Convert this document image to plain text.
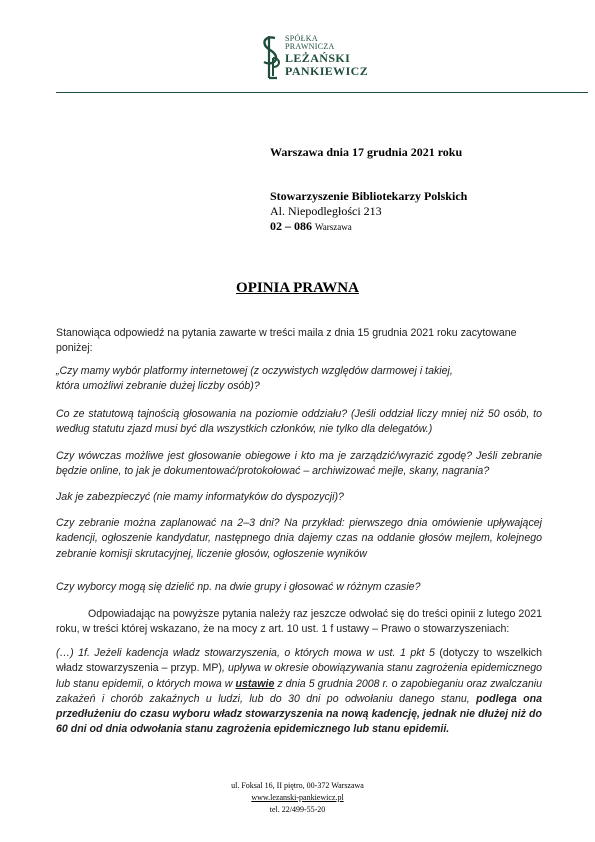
SPÓŁKA
PRAWNICZA
LEŻAŃSKI
PANKIEWICZ
Warszawa dnia 17 grudnia 2021 roku
Stowarzyszenie Bibliotekarzy Polskich
Al. Niepodległości 213
02 – 086 Warszawa
OPINIA PRAWNA

Stanowiąca odpowiedź na pytania zawarte w treści maila z dnia 15 grudnia 2021 roku zacytowane poniżej:

„Czy mamy wybór platformy internetowej (z oczywistych względów darmowej i takiej, która umożliwi zebranie dużej liczby osób)?

Co ze statutową tajnością głosowania na poziomie oddziału? (Jeśli oddział liczy mniej niż 50 osób, to według statutu zjazd musi być dla wszystkich członków, nie tylko dla delegatów.)

Czy wówczas możliwe jest głosowanie obiegowe i kto ma je zarządzić/wyrazić zgodę? Jeśli zebranie będzie online, to jak je dokumentować/protokołować – archiwizować mejle, skany, nagrania?

Jak je zabezpieczyć (nie mamy informatyków do dyspozycji)?

Czy zebranie można zaplanować na 2–3 dni? Na przykład: pierwszego dnia omówienie upływającej kadencji, ogłoszenie kandydatur, następnego dnia dajemy czas na oddanie głosów mejlem, kolejnego zebranie komisji skrutacyjnej, liczenie głosów, ogłoszenie wyników

Czy wyborcy mogą się dzielić np. na dwie grupy i głosować w różnym czasie?

Odpowiadając na powyższe pytania należy raz jeszcze odwołać się do treści opinii z lutego 2021 roku, w treści której wskazano, że na mocy z art. 10 ust. 1 f ustawy – Prawo o stowarzyszeniach:

(…) 1f. Jeżeli kadencja władz stowarzyszenia, o których mowa w ust. 1 pkt 5 (dotyczy to wszelkich władz stowarzyszenia – przyp. MP), upływa w okresie obowiązywania stanu zagrożenia epidemicznego lub stanu epidemii, o których mowa w ustawie z dnia 5 grudnia 2008 r. o zapobieganiu oraz zwalczaniu zakażeń i chorób zakaźnych u ludzi, lub do 30 dni po odwołaniu danego stanu, podlega ona przedłużeniu do czasu wyboru władz stowarzyszenia na nową kadencję, jednak nie dłużej niż do 60 dni od dnia odwołania stanu zagrożenia epidemicznego lub stanu epidemii.

ul. Foksal 16, II piętro, 00-372 Warszawa
www.lezanski-pankiewicz.pl
tel. 22/499-55-20
